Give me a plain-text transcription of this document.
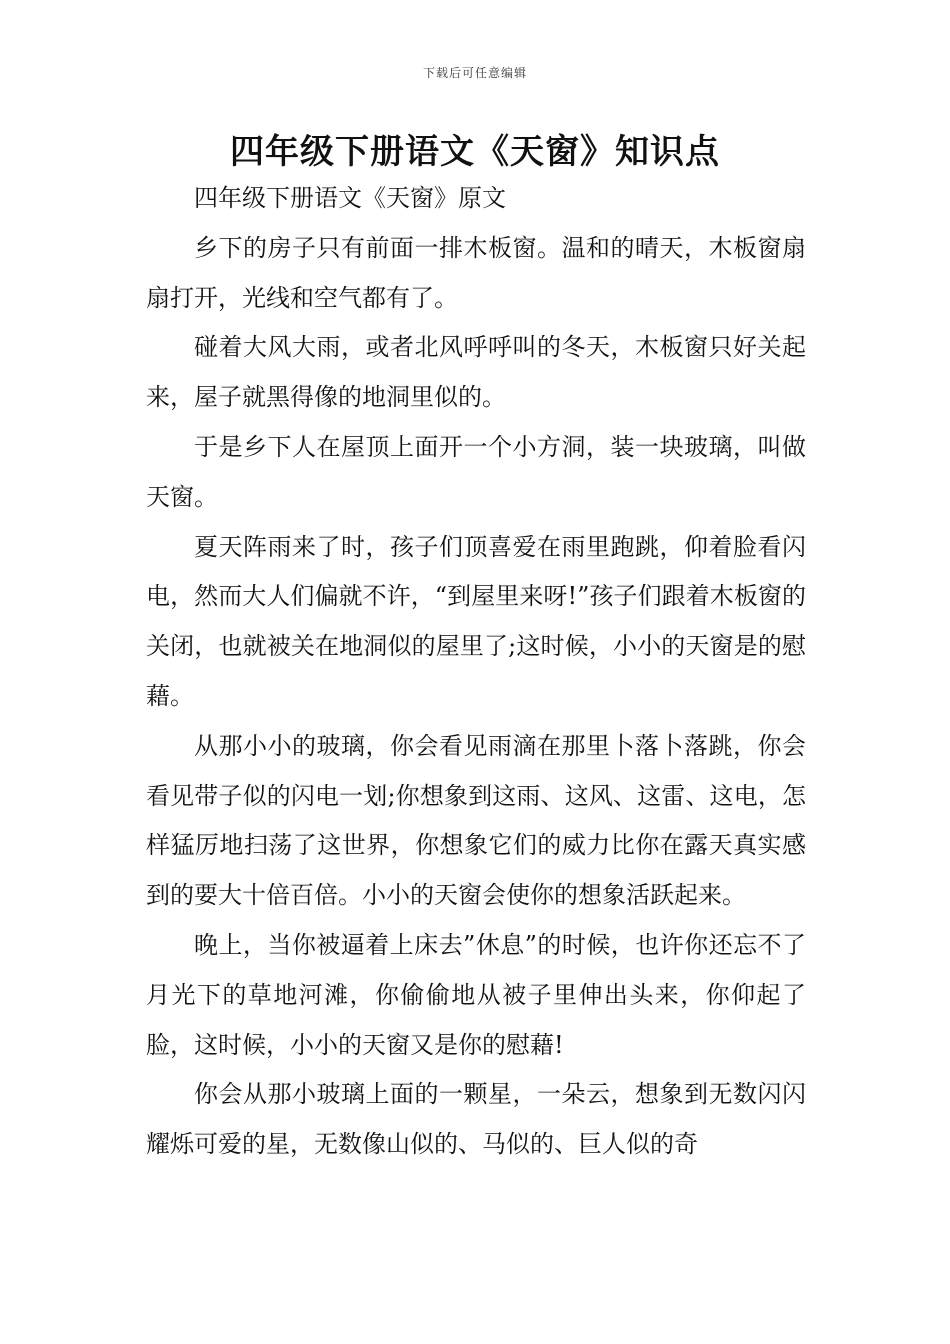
下载后可任意编辑
四年级下册语文《天窗》知识点

四年级下册语文《天窗》原文

乡下的房子只有前面一排木板窗。温和的晴天，木板窗扇扇打开，光线和空气都有了。

碰着大风大雨，或者北风呼呼叫的冬天，木板窗只好关起来，屋子就黑得像的地洞里似的。

于是乡下人在屋顶上面开一个小方洞，装一块玻璃，叫做天窗。

夏天阵雨来了时，孩子们顶喜爱在雨里跑跳，仰着脸看闪电，然而大人们偏就不许，“到屋里来呀!”孩子们跟着木板窗的关闭，也就被关在地洞似的屋里了;这时候，小小的天窗是的慰藉。

从那小小的玻璃，你会看见雨滴在那里卜落卜落跳，你会看见带子似的闪电一划;你想象到这雨、这风、这雷、这电，怎样猛厉地扫荡了这世界，你想象它们的威力比你在露天真实感到的要大十倍百倍。小小的天窗会使你的想象活跃起来。

晚上，当你被逼着上床去”休息”的时候，也许你还忘不了月光下的草地河滩，你偷偷地从被子里伸出头来，你仰起了脸，这时候，小小的天窗又是你的慰藉!

你会从那小玻璃上面的一颗星，一朵云，想象到无数闪闪耀烁可爱的星，无数像山似的、马似的、巨人似的奇
